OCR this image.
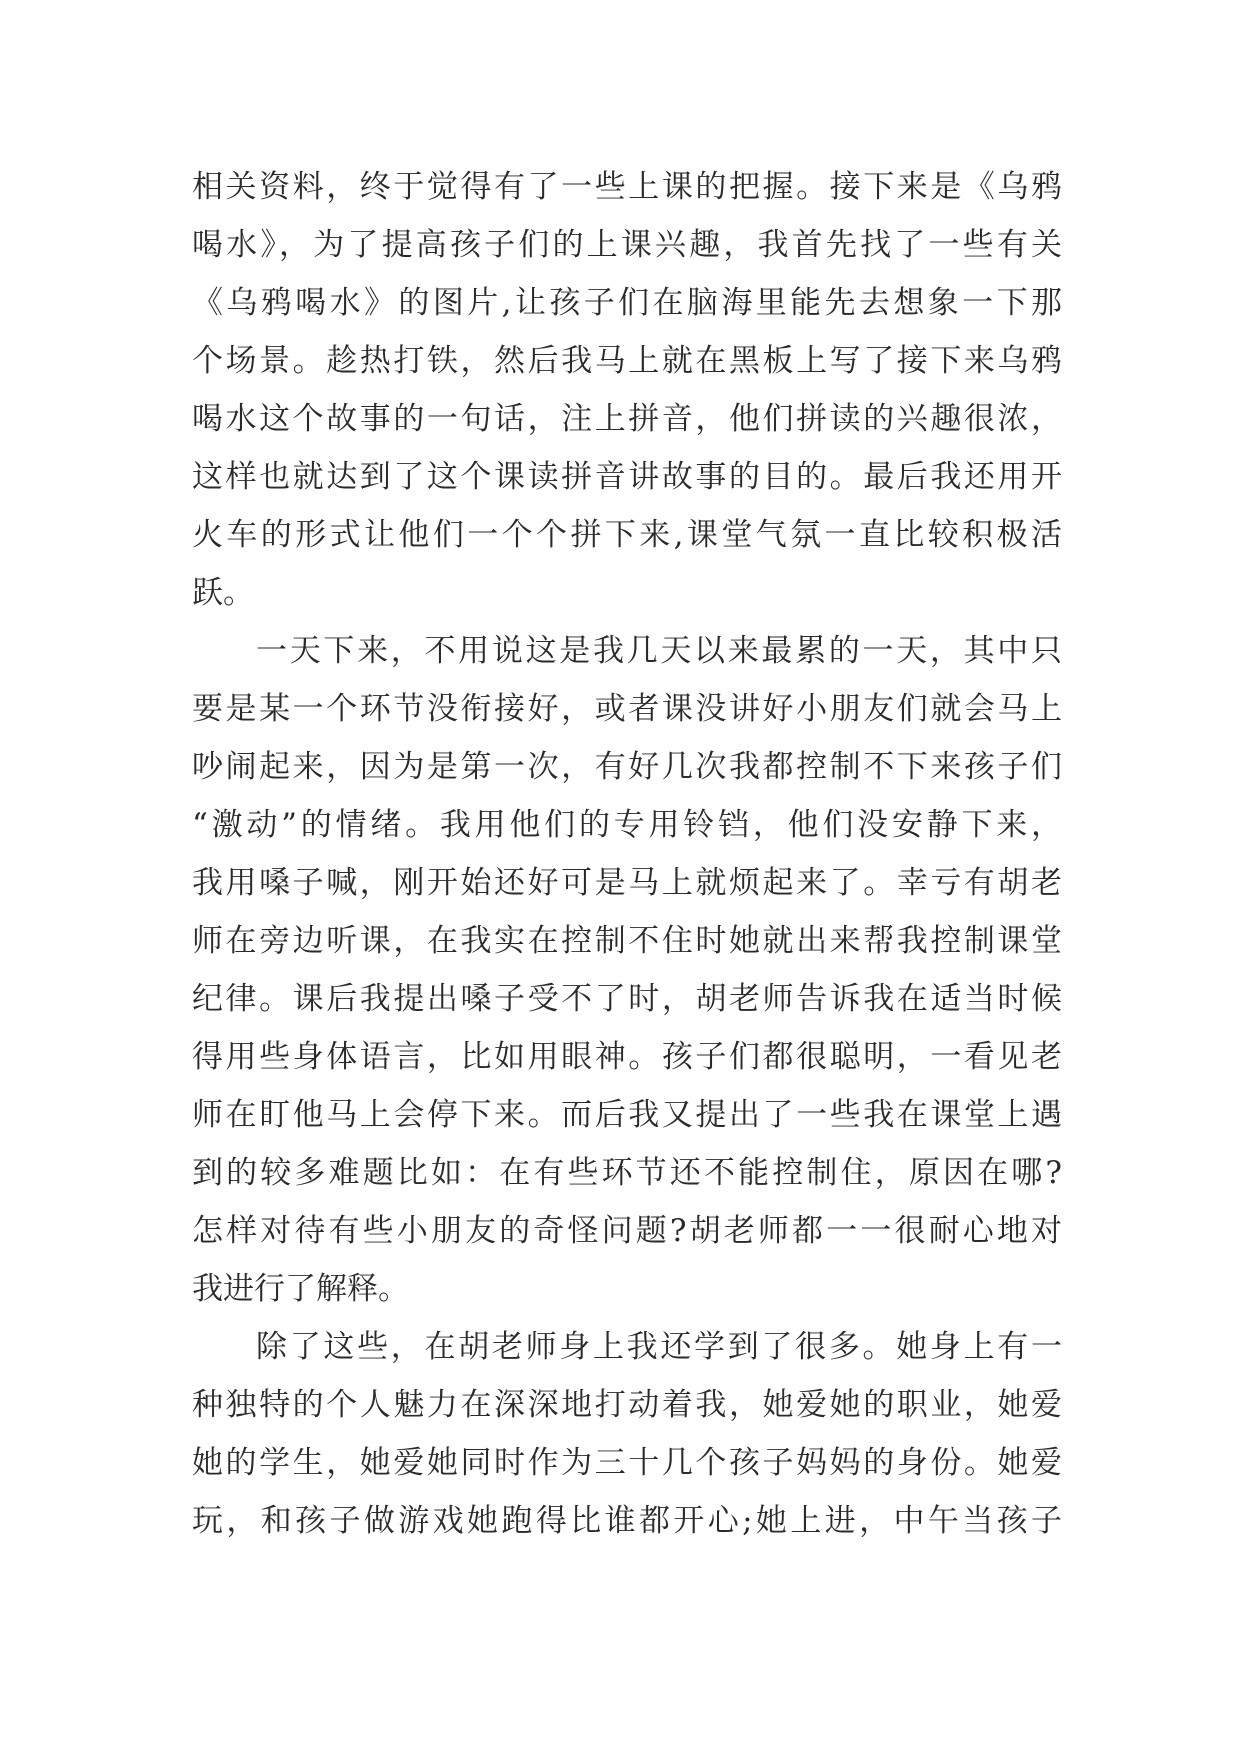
相关资料，终于觉得有了一些上课的把握。接下来是《乌鸦
喝水》，为了提高孩子们的上课兴趣，我首先找了一些有关
《乌鸦喝水》的图片,让孩子们在脑海里能先去想象一下那
个场景。趁热打铁，然后我马上就在黑板上写了接下来乌鸦
喝水这个故事的一句话，注上拼音，他们拼读的兴趣很浓，
这样也就达到了这个课读拼音讲故事的目的。最后我还用开
火车的形式让他们一个个拼下来,课堂气氛一直比较积极活
跃。
一天下来，不用说这是我几天以来最累的一天，其中只
要是某一个环节没衔接好，或者课没讲好小朋友们就会马上
吵闹起来，因为是第一次，有好几次我都控制不下来孩子们
“激动”的情绪。我用他们的专用铃铛，他们没安静下来，
我用嗓子喊，刚开始还好可是马上就烦起来了。幸亏有胡老
师在旁边听课，在我实在控制不住时她就出来帮我控制课堂
纪律。课后我提出嗓子受不了时，胡老师告诉我在适当时候
得用些身体语言，比如用眼神。孩子们都很聪明，一看见老
师在盯他马上会停下来。而后我又提出了一些我在课堂上遇
到的较多难题比如：在有些环节还不能控制住，原因在哪?
怎样对待有些小朋友的奇怪问题?胡老师都一一很耐心地对
我进行了解释。
除了这些，在胡老师身上我还学到了很多。她身上有一
种独特的个人魅力在深深地打动着我，她爱她的职业，她爱
她的学生，她爱她同时作为三十几个孩子妈妈的身份。她爱
玩，和孩子做游戏她跑得比谁都开心;她上进，中午当孩子
